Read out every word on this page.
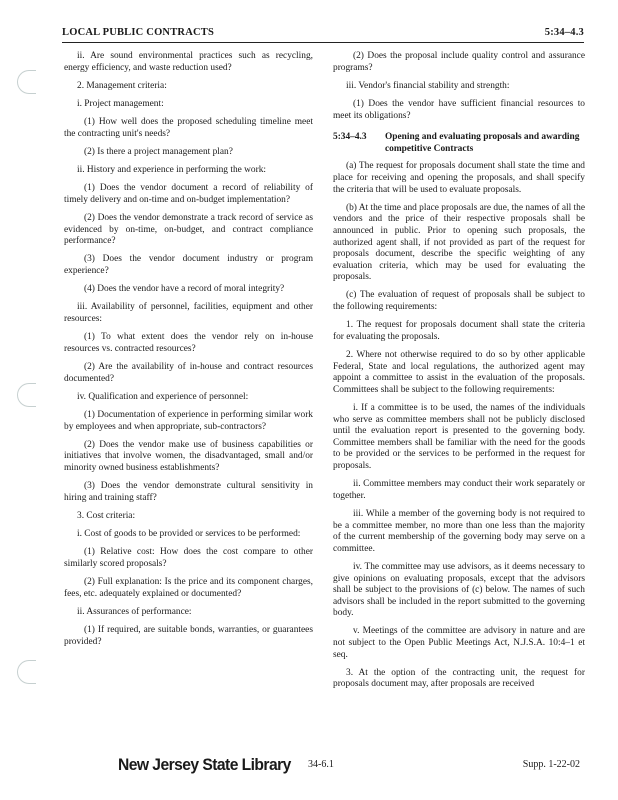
LOCAL PUBLIC CONTRACTS	5:34–4.3

ii. Are sound environmental practices such as recycling, energy efficiency, and waste reduction used?

2. Management criteria:

i. Project management:

(1) How well does the proposed scheduling timeline meet the contracting unit's needs?

(2) Is there a project management plan?

ii. History and experience in performing the work:

(1) Does the vendor document a record of reliability of timely delivery and on-time and on-budget implementation?

(2) Does the vendor demonstrate a track record of service as evidenced by on-time, on-budget, and contract compliance performance?

(3) Does the vendor document industry or program experience?

(4) Does the vendor have a record of moral integrity?

iii. Availability of personnel, facilities, equipment and other resources:

(1) To what extent does the vendor rely on in-house resources vs. contracted resources?

(2) Are the availability of in-house and contract resources documented?

iv. Qualification and experience of personnel:

(1) Documentation of experience in performing similar work by employees and when appropriate, sub-contractors?

(2) Does the vendor make use of business capabilities or initiatives that involve women, the disadvantaged, small and/or minority owned business establishments?

(3) Does the vendor demonstrate cultural sensitivity in hiring and training staff?

3. Cost criteria:

i. Cost of goods to be provided or services to be performed:

(1) Relative cost: How does the cost compare to other similarly scored proposals?

(2) Full explanation: Is the price and its component charges, fees, etc. adequately explained or documented?

ii. Assurances of performance:

(1) If required, are suitable bonds, warranties, or guarantees provided?

(2) Does the proposal include quality control and assurance programs?

iii. Vendor's financial stability and strength:

(1) Does the vendor have sufficient financial resources to meet its obligations?

5:34–4.3	Opening and evaluating proposals and awarding competitive Contracts

(a) The request for proposals document shall state the time and place for receiving and opening the proposals, and shall specify the criteria that will be used to evaluate proposals.

(b) At the time and place proposals are due, the names of all the vendors and the price of their respective proposals shall be announced in public. Prior to opening such proposals, the authorized agent shall, if not provided as part of the request for proposals document, describe the specific weighting of any evaluation criteria, which may be used for evaluating the proposals.

(c) The evaluation of request of proposals shall be subject to the following requirements:

1. The request for proposals document shall state the criteria for evaluating the proposals.

2. Where not otherwise required to do so by other applicable Federal, State and local regulations, the authorized agent may appoint a committee to assist in the evaluation of the proposals. Committees shall be subject to the following requirements:

i. If a committee is to be used, the names of the individuals who serve as committee members shall not be publicly disclosed until the evaluation report is presented to the governing body. Committee members shall be familiar with the need for the goods to be provided or the services to be performed in the request for proposals.

ii. Committee members may conduct their work separately or together.

iii. While a member of the governing body is not required to be a committee member, no more than one less than the majority of the current membership of the governing body may serve on a committee.

iv. The committee may use advisors, as it deems necessary to give opinions on evaluating proposals, except that the advisors shall be subject to the provisions of (c) below. The names of such advisors shall be included in the report submitted to the governing body.

v. Meetings of the committee are advisory in nature and are not subject to the Open Public Meetings Act, N.J.S.A. 10:4–1 et seq.

3. At the option of the contracting unit, the request for proposals document may, after proposals are received

New Jersey State Library 34-6.1	Supp. 1-22-02
